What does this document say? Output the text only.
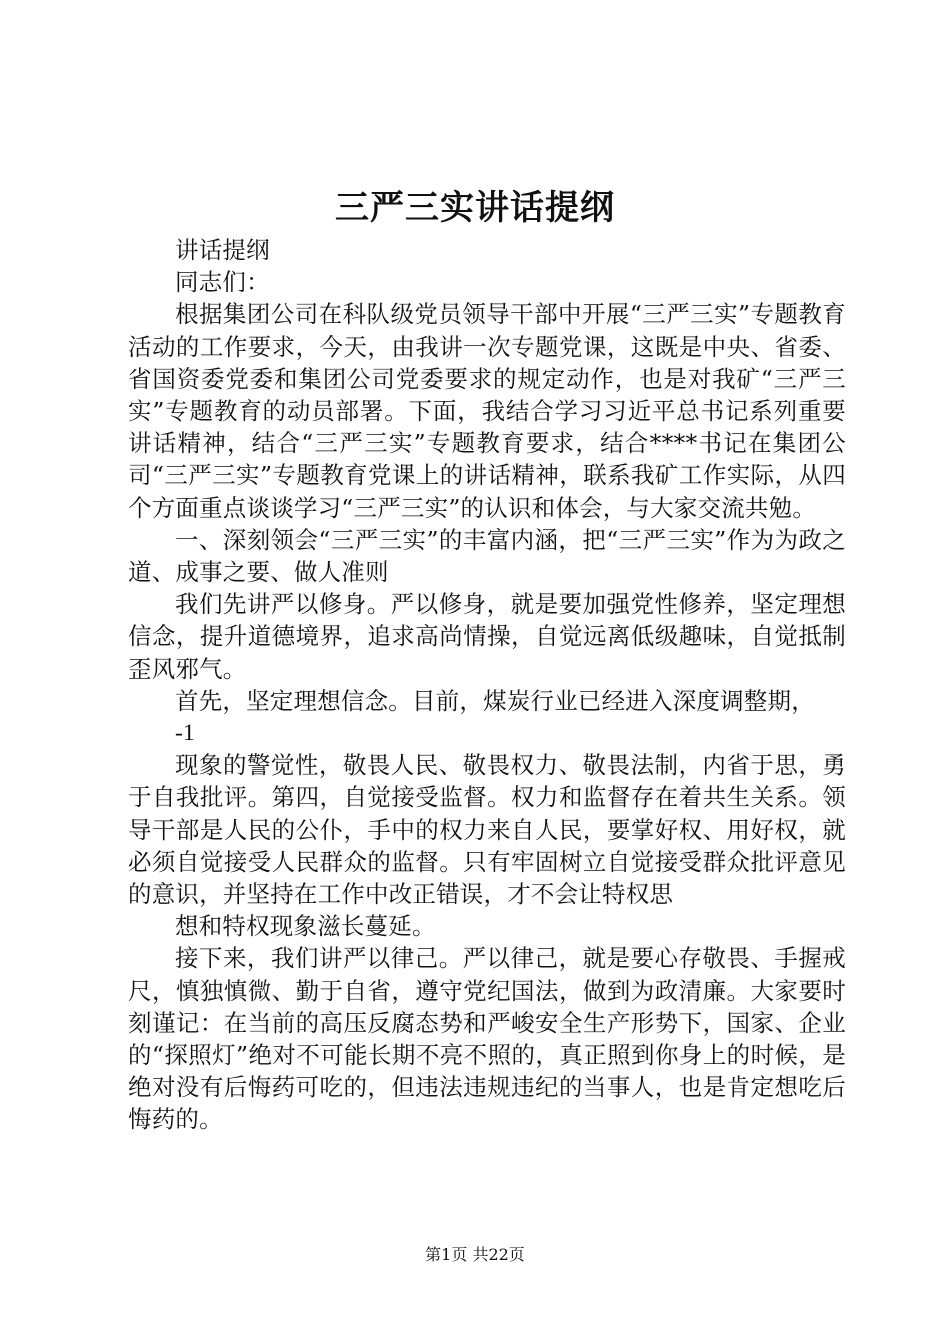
三严三实讲话提纲

讲话提纲

同志们：

根据集团公司在科队级党员领导干部中开展“三严三实”专题教育活动的工作要求，今天，由我讲一次专题党课，这既是中央、省委、省国资委党委和集团公司党委要求的规定动作，也是对我矿“三严三实”专题教育的动员部署。下面，我结合学习习近平总书记系列重要讲话精神，结合“三严三实”专题教育要求，结合****书记在集团公司“三严三实”专题教育党课上的讲话精神，联系我矿工作实际，从四个方面重点谈谈学习“三严三实”的认识和体会，与大家交流共勉。

一、深刻领会“三严三实”的丰富内涵，把“三严三实”作为为政之道、成事之要、做人准则

我们先讲严以修身。严以修身，就是要加强党性修养，坚定理想信念，提升道德境界，追求高尚情操，自觉远离低级趣味，自觉抵制歪风邪气。

首先，坚定理想信念。目前，煤炭行业已经进入深度调整期，

-1

现象的警觉性，敬畏人民、敬畏权力、敬畏法制，内省于思，勇于自我批评。第四，自觉接受监督。权力和监督存在着共生关系。领导干部是人民的公仆，手中的权力来自人民，要掌好权、用好权，就必须自觉接受人民群众的监督。只有牢固树立自觉接受群众批评意见的意识，并坚持在工作中改正错误，才不会让特权思

想和特权现象滋长蔓延。

接下来，我们讲严以律己。严以律己，就是要心存敬畏、手握戒尺，慎独慎微、勤于自省，遵守党纪国法，做到为政清廉。大家要时刻谨记：在当前的高压反腐态势和严峻安全生产形势下，国家、企业的“探照灯”绝对不可能长期不亮不照的，真正照到你身上的时候，是绝对没有后悔药可吃的，但违法违规违纪的当事人，也是肯定想吃后悔药的。

第1页 共22页
